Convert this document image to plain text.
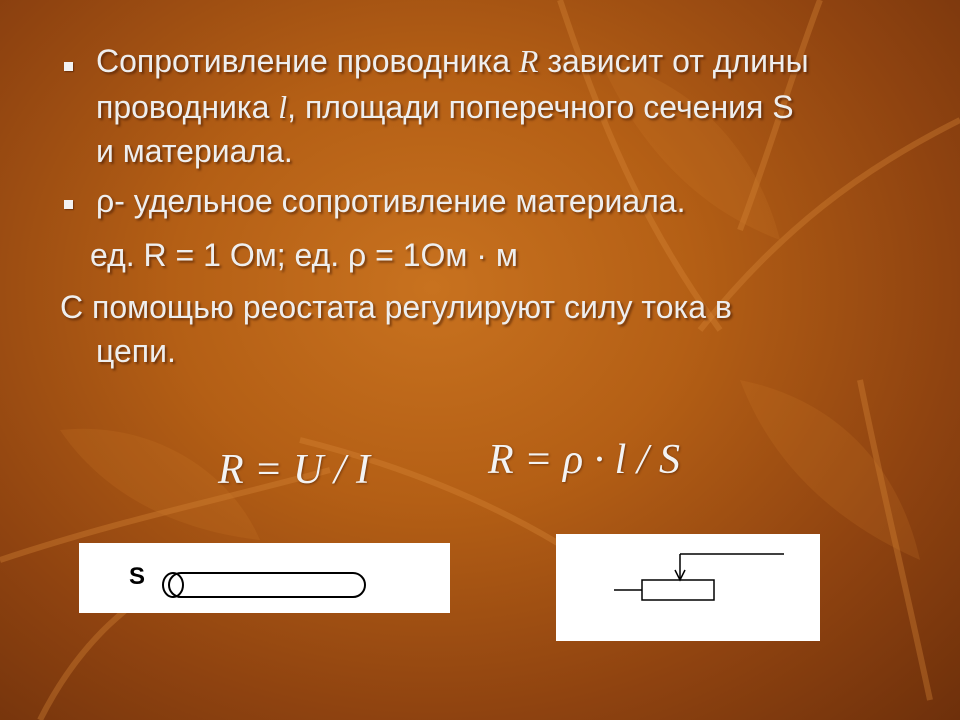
Сопротивление проводника R зависит от длины
проводника l, площади поперечного сечения S
и материала.
ρ- удельное сопротивление материала.
ед. R = 1 Ом; ед. ρ = 1Ом · м
С помощью реостата регулируют силу тока в
цепи.
R = U / I	R = ρ · l / S
S
